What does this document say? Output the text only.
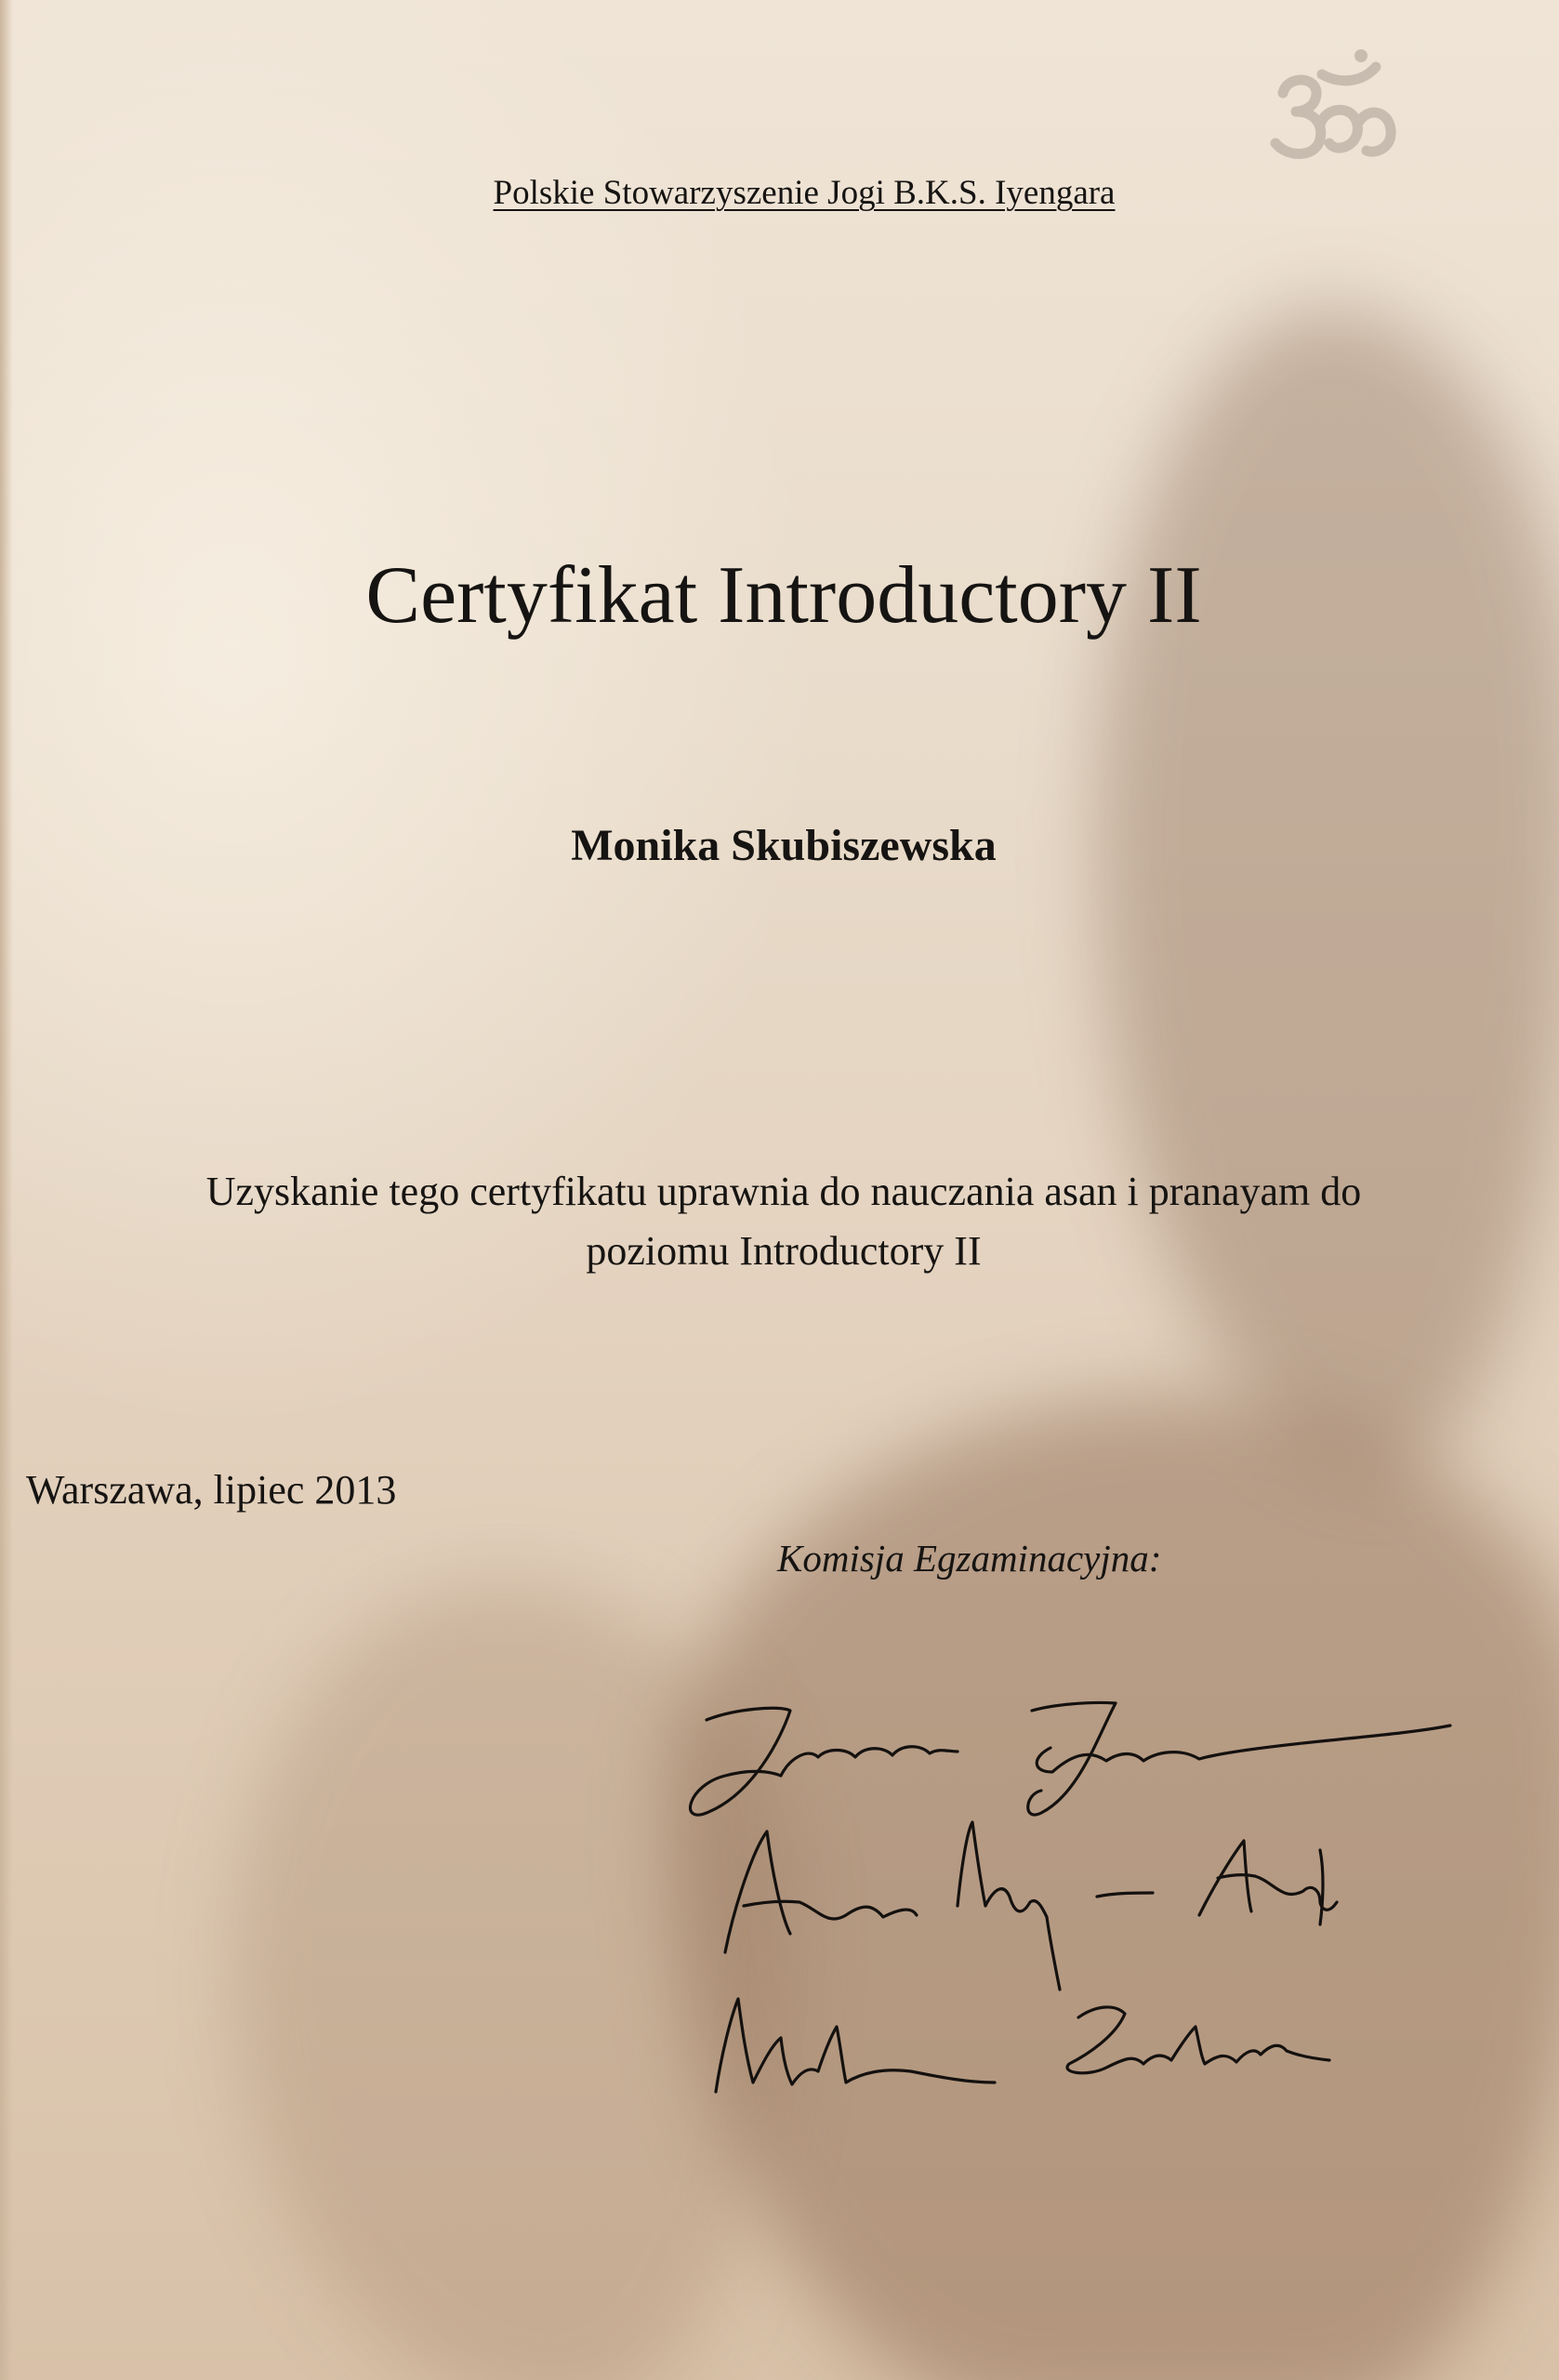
Polskie Stowarzyszenie Jogi B.K.S. Iyengara
Certyfikat Introductory II
Monika Skubiszewska
Uzyskanie tego certyfikatu uprawnia do nauczania asan i pranayam do
poziomu Introductory II
Warszawa, lipiec 2013
Komisja Egzaminacyjna:
